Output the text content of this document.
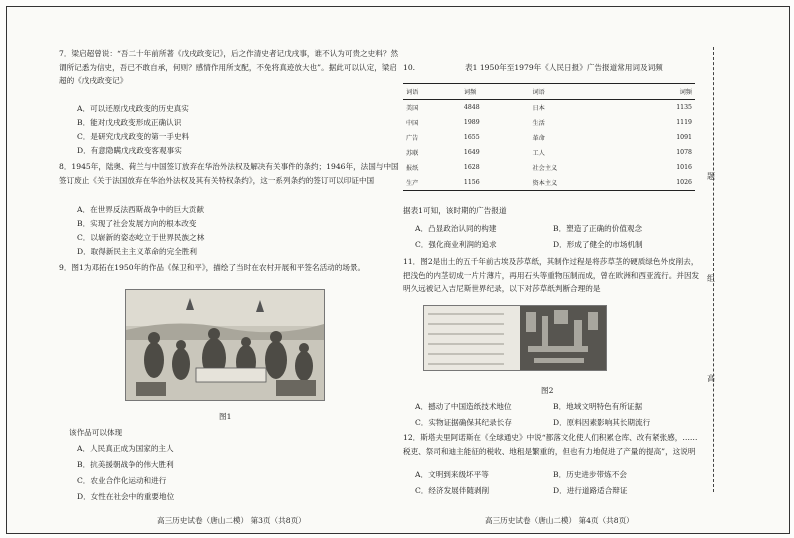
7．梁启超曾说：“吾二十年前所著《戊戌政变记》，后之作清史者记戊戌事，谁不认为可贵之史料？然谓所记悉为信史，吾已不敢自承，何则？感情作用所支配，不免将真迹放大也”。据此可以认定，梁启超的《戊戌政变记》
A．可以还原戊戌政变的历史真实
B．能对戊戌政变形成正确认识
C．是研究戊戌政变的第一手史料
D．有意隐瞒戊戌政变客观事实
8．1945年，陆奥、荷兰与中国签订放弃在华治外法权及解决有关事件的条约；1946年，法国与中国签订废止《关于法国放弃在华治外法权及其有关特权条约》，这一系列条约的签订可以印证中国
A．在世界反法西斯战争中的巨大贡献
B．实现了社会发展方向的根本改变
C．以崭新的姿态屹立于世界民族之林
D．取得新民主主义革命的完全胜利
9．图1为邓拓在1950年的作品《保卫和平》，描绘了当时在农村开展和平签名活动的场景。
图1
该作品可以体现
A．人民真正成为国家的主人
B．抗美援朝战争的伟大胜利
C．农业合作化运动和进行
D．女性在社会中的重要地位
高三历史试卷（唐山二模） 第3页（共8页）
10.	表1 1950年至1979年《人民日报》广告报道常用词及词频
词语	词频	词语	词频
美国	4848	日本	1135
中国	1989	生活	1119
广告	1655	革命	1091
苏联	1649	工人	1078
报纸	1628	社会主义	1016
生产	1156	资本主义	1026
据表1可知，该时期的广告报道
A．凸显政治认同的构建	B．塑造了正确的价值观念
C．强化商业利润的追求	D．形成了健全的市场机制
11．图2是出土的五千年前古埃及莎草纸，其制作过程是将莎草茎的硬质绿色外皮削去，把浅色的内茎切成一片片薄片，再用石头等重物压制而成，曾在欧洲和西亚流行。并因发明久远被记入吉尼斯世界纪录，以下对莎草纸判断合理的是
图2
A．撼动了中国造纸技术地位	B．地域文明特色有所证据
C．实物证据确保其纪录长存	D．原料因素影响其长期流行
12．斯塔夫里阿诺斯在《全球通史》中说“都落文化使人们积累仓库、改有紧张感，……税吏、祭司和迪主能征的税收、地租是繁重的，但也有力地促进了产量的提高”，这说明
A．文明到来级坏平等	B．历史进步带炼不会
C．经济发展伴随剥削	D．进行道路适合辩证
高三历史试卷（唐山二模） 第4页（共8页）
题
组
高
